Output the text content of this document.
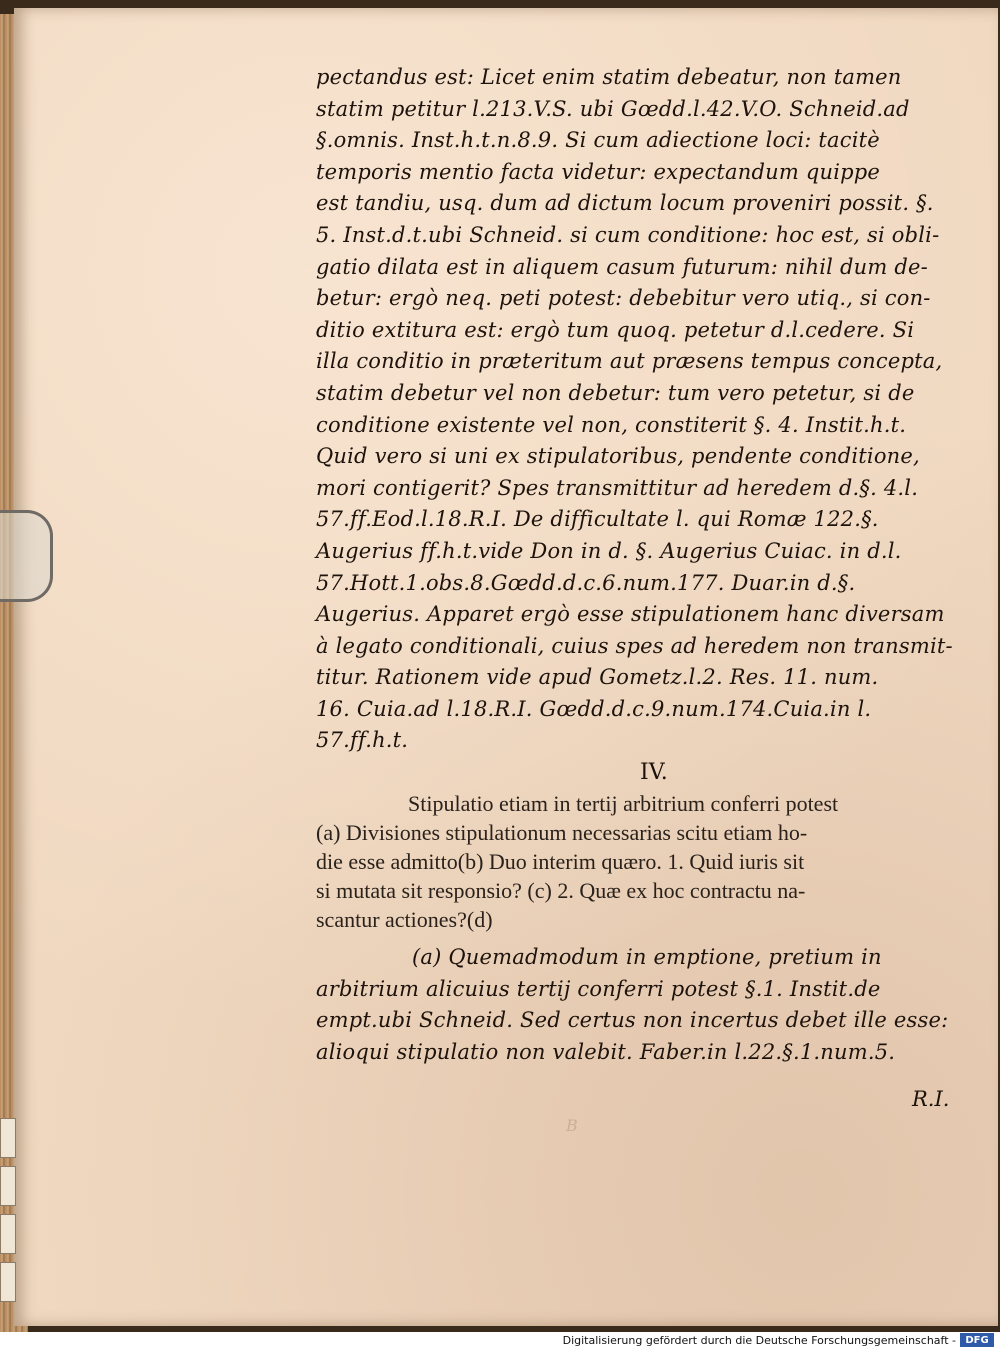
pectandus est: Licet enim statim debeatur, non tamen
statim petitur l.213.V.S. ubi Gœdd.l.42.V.O. Schneid.ad
§.omnis. Inst.h.t.n.8.9. Si cum adiectione loci: tacitè
temporis mentio facta videtur: expectandum quippe
est tandiu, usq. dum ad dictum locum proveniri possit. §.
5. Inst.d.t.ubi Schneid. si cum conditione: hoc est, si obli-
gatio dilata est in aliquem casum futurum: nihil dum de-
betur: ergò neq. peti potest: debebitur vero utiq., si con-
ditio extitura est: ergò tum quoq. petetur d.l.cedere. Si
illa conditio in præteritum aut præsens tempus concepta,
statim debetur vel non debetur: tum vero petetur, si de
conditione existente vel non, constiterit §. 4. Instit.h.t.
Quid vero si uni ex stipulatoribus, pendente conditione,
mori contigerit? Spes transmittitur ad heredem d.§. 4.l.
57.ff.Eod.l.18.R.I. De difficultate l. qui Romæ 122.§.
Augerius ff.h.t.vide Don in d. §. Augerius Cuiac. in d.l.
57.Hott.1.obs.8.Gœdd.d.c.6.num.177. Duar.in d.§.
Augerius. Apparet ergò esse stipulationem hanc diversam
à legato conditionali, cuius spes ad heredem non transmit-
titur. Rationem vide apud Gometz.l.2. Res. 11. num.
16. Cuia.ad l.18.R.I. Gœdd.d.c.9.num.174.Cuia.in l.
57.ff.h.t.
IV.
Stipulatio etiam in tertij arbitrium conferri potest
(a) Divisiones stipulationum necessarias scitu etiam ho-
die esse admitto(b) Duo interim quæro. 1. Quid iuris sit
si mutata sit responsio? (c) 2. Quæ ex hoc contractu na-
scantur actiones?(d)
(a) Quemadmodum in emptione, pretium in
arbitrium alicuius tertij conferri potest §.1. Instit.de
empt.ubi Schneid. Sed certus non incertus debet ille esse:
alioqui stipulatio non valebit. Faber.in l.22.§.1.num.5.
R.I.
B
Digitalisierung gefördert durch die Deutsche Forschungsgemeinschaft - DFG
